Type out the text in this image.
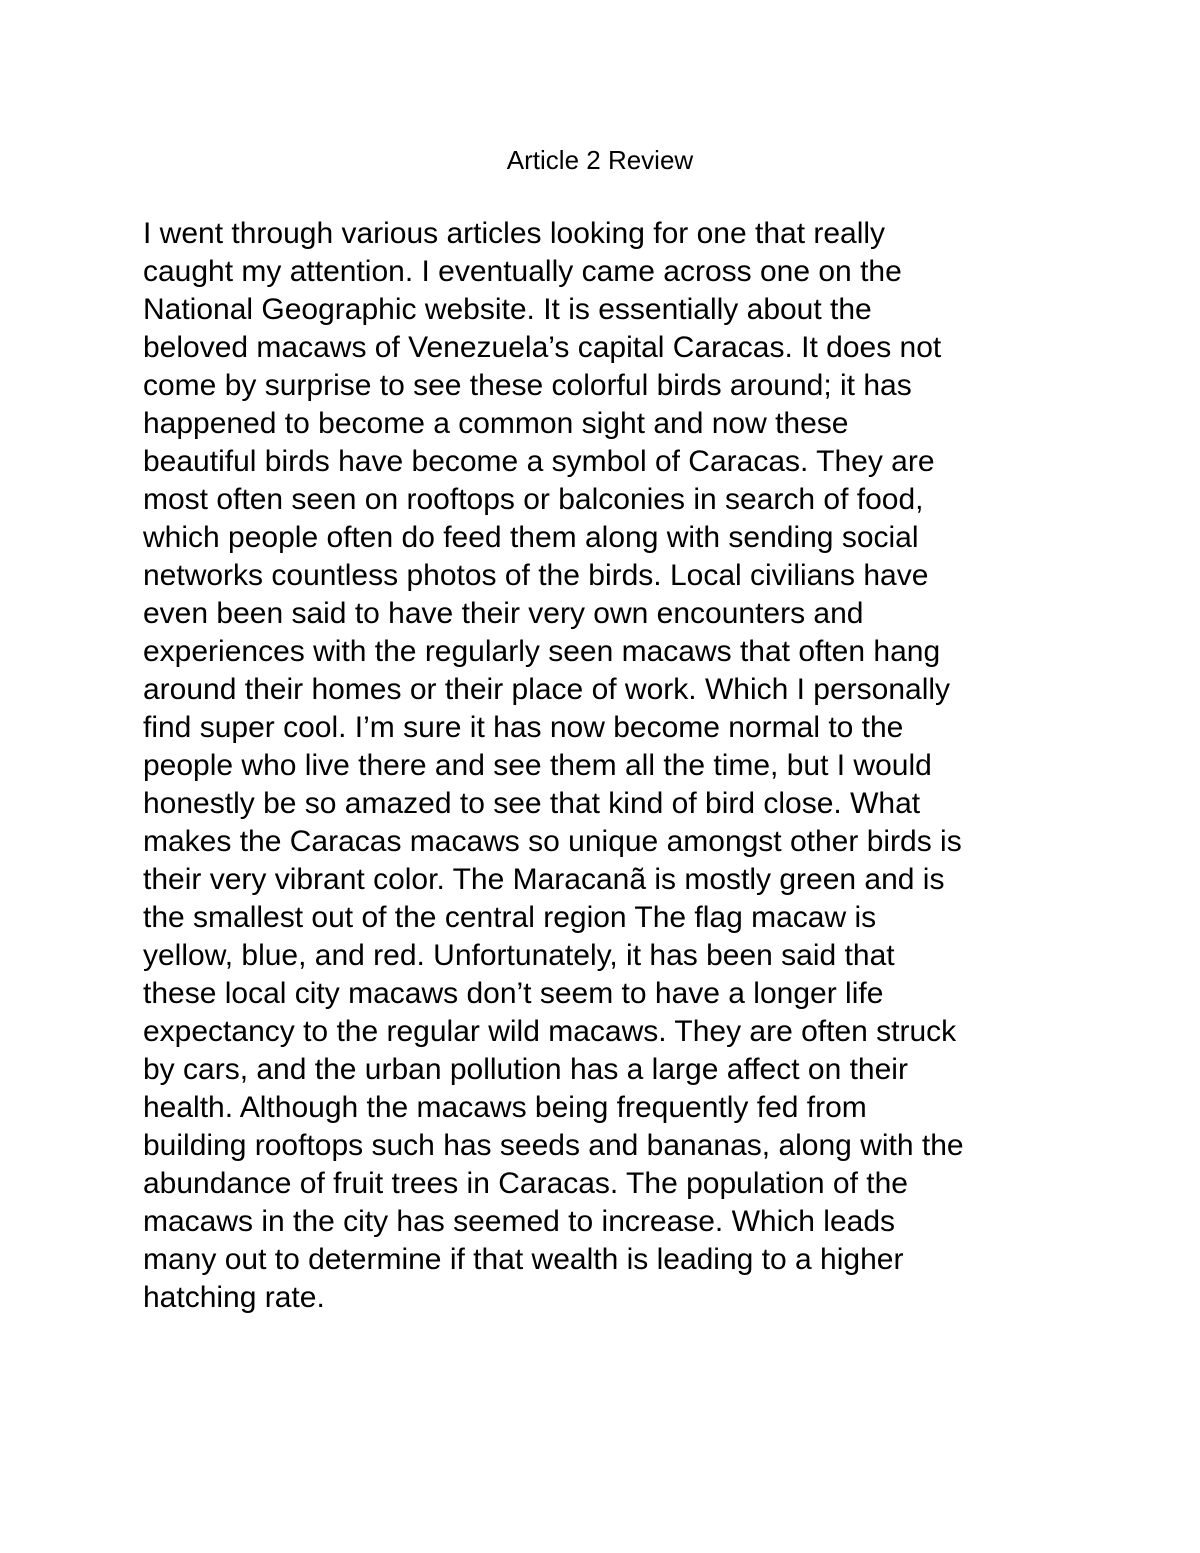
Article 2 Review
I went through various articles looking for one that really
caught my attention. I eventually came across one on the
National Geographic website. It is essentially about the
beloved macaws of Venezuela’s capital Caracas. It does not
come by surprise to see these colorful birds around; it has
happened to become a common sight and now these
beautiful birds have become a symbol of Caracas. They are
most often seen on rooftops or balconies in search of food,
which people often do feed them along with sending social
networks countless photos of the birds. Local civilians have
even been said to have their very own encounters and
experiences with the regularly seen macaws that often hang
around their homes or their place of work. Which I personally
find super cool. I’m sure it has now become normal to the
people who live there and see them all the time, but I would
honestly be so amazed to see that kind of bird close. What
makes the Caracas macaws so unique amongst other birds is
their very vibrant color. The Maracanã is mostly green and is
the smallest out of the central region The flag macaw is
yellow, blue, and red. Unfortunately, it has been said that
these local city macaws don’t seem to have a longer life
expectancy to the regular wild macaws. They are often struck
by cars, and the urban pollution has a large affect on their
health. Although the macaws being frequently fed from
building rooftops such has seeds and bananas, along with the
abundance of fruit trees in Caracas. The population of the
macaws in the city has seemed to increase. Which leads
many out to determine if that wealth is leading to a higher
hatching rate.
